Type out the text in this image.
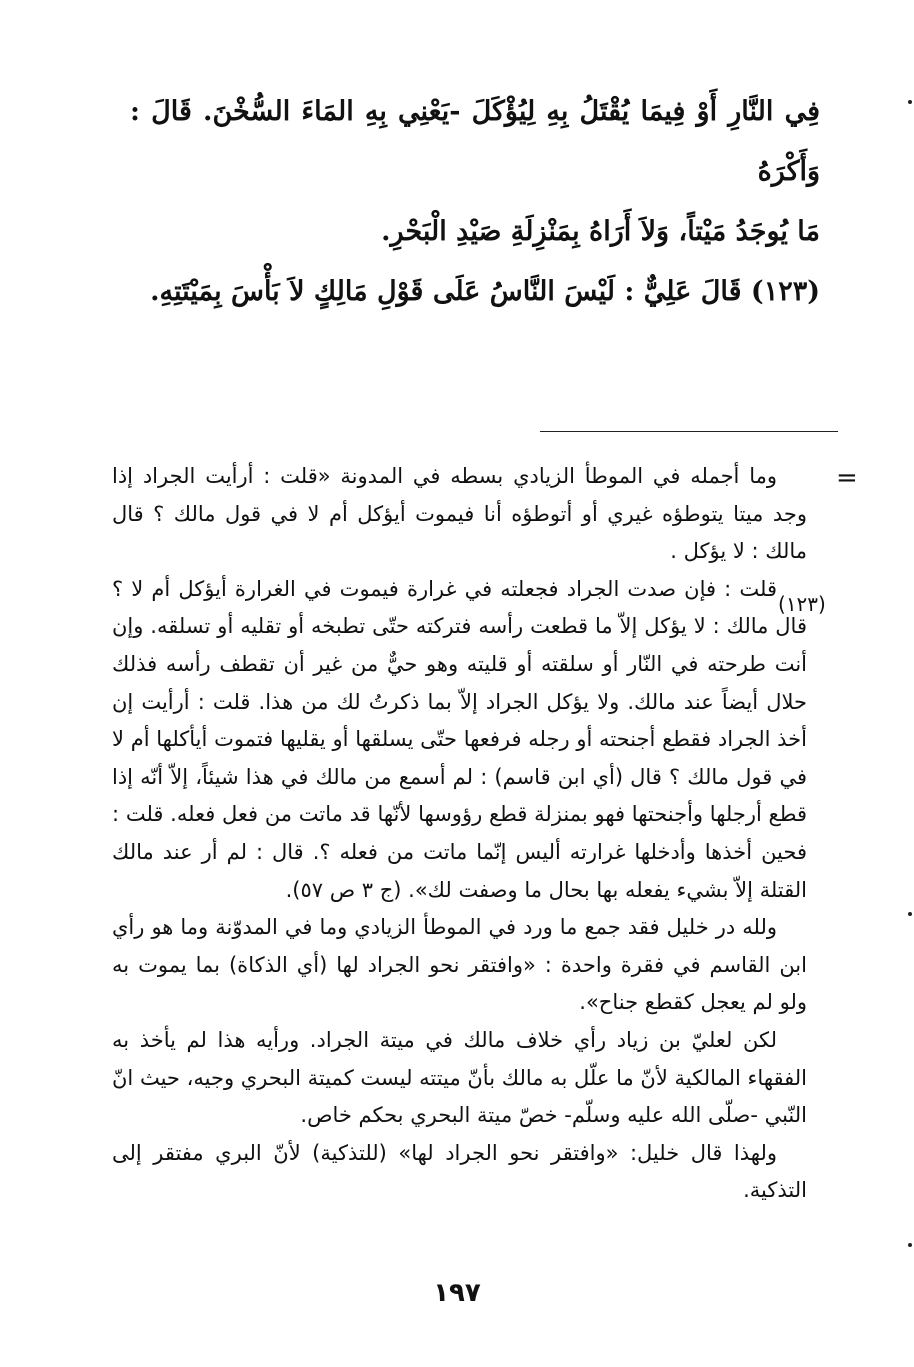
فِي النَّارِ أَوْ فِيمَا يُقْتَلُ بِهِ لِيُؤْكَلَ -يَعْنِي بِهِ المَاءَ السُّخْنَ. قَالَ : وَأَكْرَهُ

مَا يُوجَدُ مَيْتاً، وَلاَ أَرَاهُ بِمَنْزِلَةِ صَيْدِ الْبَحْرِ.

(١٢٣) قَالَ عَلِيٌّ : لَيْسَ النَّاسُ عَلَى قَوْلِ مَالِكٍ لاَ بَأْسَ بِمَيْتَتِهِ.

=
(١٢٣)

وما أجمله في الموطأ الزيادي بسطه في المدونة «قلت : أرأيت الجراد إذا وجد ميتا يتوطؤه غيري أو أتوطؤه أنا فيموت أيؤكل أم لا في قول مالك ؟ قال مالك : لا يؤكل .

قلت : فإن صدت الجراد فجعلته في غرارة فيموت في الغرارة أيؤكل أم لا ؟ قال مالك : لا يؤكل إلاّ ما قطعت رأسه فتركته حتّى تطبخه أو تقليه أو تسلقه. وإن أنت طرحته في النّار أو سلقته أو قليته وهو حيٌّ من غير أن تقطف رأسه فذلك حلال أيضاً عند مالك. ولا يؤكل الجراد إلاّ بما ذكرتُ لك من هذا. قلت : أرأيت إن أخذ الجراد فقطع أجنحته أو رجله فرفعها حتّى يسلقها أو يقليها فتموت أيأكلها أم لا في قول مالك ؟ قال (أي ابن قاسم) : لم أسمع من مالك في هذا شيئاً، إلاّ أنّه إذا قطع أرجلها وأجنحتها فهو بمنزلة قطع رؤوسها لأنّها قد ماتت من فعل فعله. قلت : فحين أخذها وأدخلها غرارته أليس إنّما ماتت من فعله ؟. قال : لم أر عند مالك القتلة إلاّ بشيء يفعله بها بحال ما وصفت لك». (ج ٣ ص ٥٧).

ولله در خليل فقد جمع ما ورد في الموطأ الزيادي وما في المدوّنة وما هو رأي ابن القاسم في فقرة واحدة : «وافتقر نحو الجراد لها (أي الذكاة) بما يموت به ولو لم يعجل كقطع جناح».

لكن لعليّ بن زياد رأي خلاف مالك في ميتة الجراد. ورأيه هذا لم يأخذ به الفقهاء المالكية لأنّ ما علّل به مالك بأنّ ميتته ليست كميتة البحري وجيه، حيث انّ النّبي -صلّى الله عليه وسلّم- خصّ ميتة البحري بحكم خاص.

ولهذا قال خليل: «وافتقر نحو الجراد لها» (للتذكية) لأنّ البري مفتقر إلى التذكية.

١٩٧
